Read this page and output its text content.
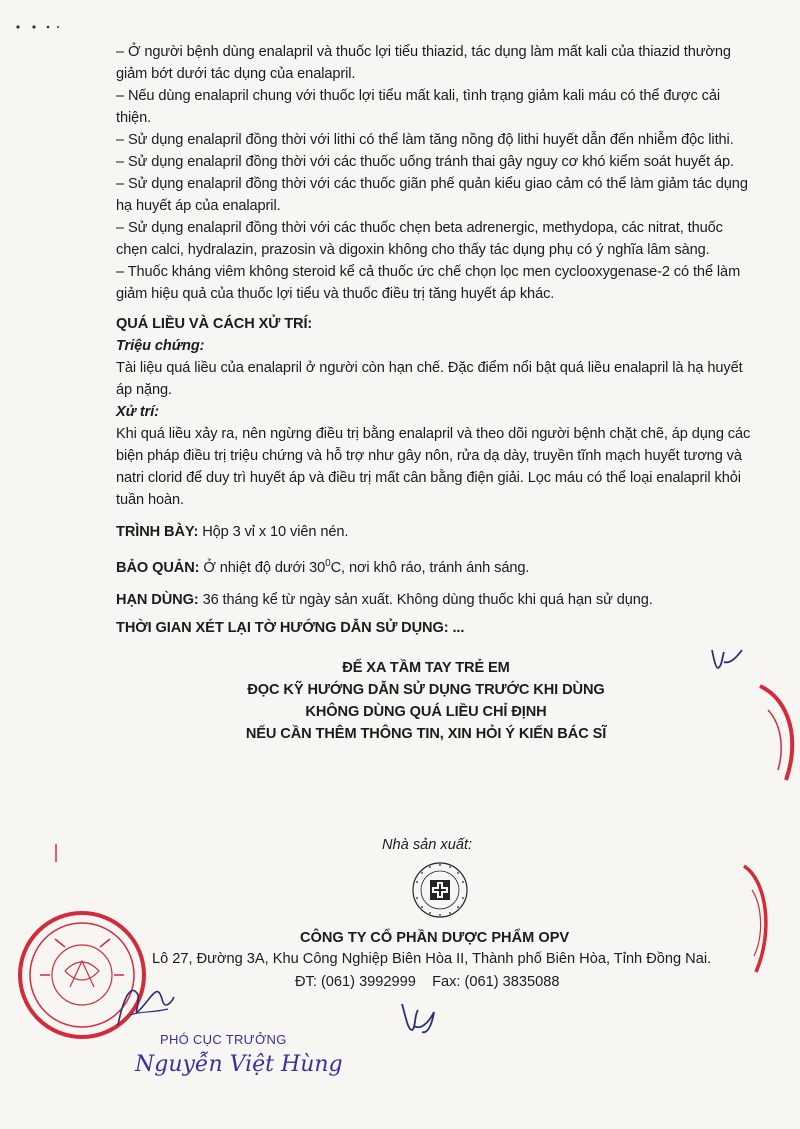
– Ở người bệnh dùng enalapril và thuốc lợi tiểu thiazid, tác dụng làm mất kali của thiazid thường giảm bớt dưới tác dụng của enalapril.

– Nếu dùng enalapril chung với thuốc lợi tiểu mất kali, tình trạng giảm kali máu có thể được cải thiện.

– Sử dụng enalapril đồng thời với lithi có thể làm tăng nồng độ lithi huyết dẫn đến nhiễm độc lithi.

– Sử dụng enalapril đồng thời với các thuốc uống tránh thai gây nguy cơ khó kiểm soát huyết áp.

– Sử dụng enalapril đồng thời với các thuốc giãn phế quản kiểu giao cảm có thể làm giảm tác dụng hạ huyết áp của enalapril.

– Sử dụng enalapril đồng thời với các thuốc chẹn beta adrenergic, methydopa, các nitrat, thuốc chẹn calci, hydralazin, prazosin và digoxin không cho thấy tác dụng phụ có ý nghĩa lâm sàng.

– Thuốc kháng viêm không steroid kể cả thuốc ức chế chọn lọc men cyclooxygenase-2 có thể làm giảm hiệu quả của thuốc lợi tiểu và thuốc điều trị tăng huyết áp khác.

QUÁ LIỀU VÀ CÁCH XỬ TRÍ:

Triệu chứng:

Tài liệu quá liều của enalapril ở người còn hạn chế. Đặc điểm nổi bật quá liều enalapril là hạ huyết áp nặng.

Xử trí:

Khi quá liều xảy ra, nên ngừng điều trị bằng enalapril và theo dõi người bệnh chặt chẽ, áp dụng các biện pháp điều trị triệu chứng và hỗ trợ như gây nôn, rửa dạ dày, truyền tĩnh mạch huyết tương và natri clorid để duy trì huyết áp và điều trị mất cân bằng điện giải. Lọc máu có thể loại enalapril khỏi tuần hoàn.

TRÌNH BÀY: Hộp 3 vỉ x 10 viên nén.

BẢO QUẢN: Ở nhiệt độ dưới $30^0C$, nơi khô ráo, tránh ánh sáng.

HẠN DÙNG: 36 tháng kể từ ngày sản xuất. Không dùng thuốc khi quá hạn sử dụng.

THỜI GIAN XÉT LẠI TỜ HƯỚNG DẪN SỬ DỤNG: ...

ĐỂ XA TẦM TAY TRẺ EM
ĐỌC KỸ HƯỚNG DẪN SỬ DỤNG TRƯỚC KHI DÙNG
KHÔNG DÙNG QUÁ LIỀU CHỈ ĐỊNH
NẾU CẦN THÊM THÔNG TIN, XIN HỎI Ý KIẾN BÁC SĨ
Nhà sản xuất:
CÔNG TY CỔ PHẦN DƯỢC PHẨM OPV
Lô 27, Đường 3A, Khu Công Nghiệp Biên Hòa II, Thành phố Biên Hòa, Tỉnh Đồng Nai.
ĐT: (061) 3992999    Fax: (061) 3835088
PHÓ CỤC TRƯỞNG
Nguyễn Việt Hùng
